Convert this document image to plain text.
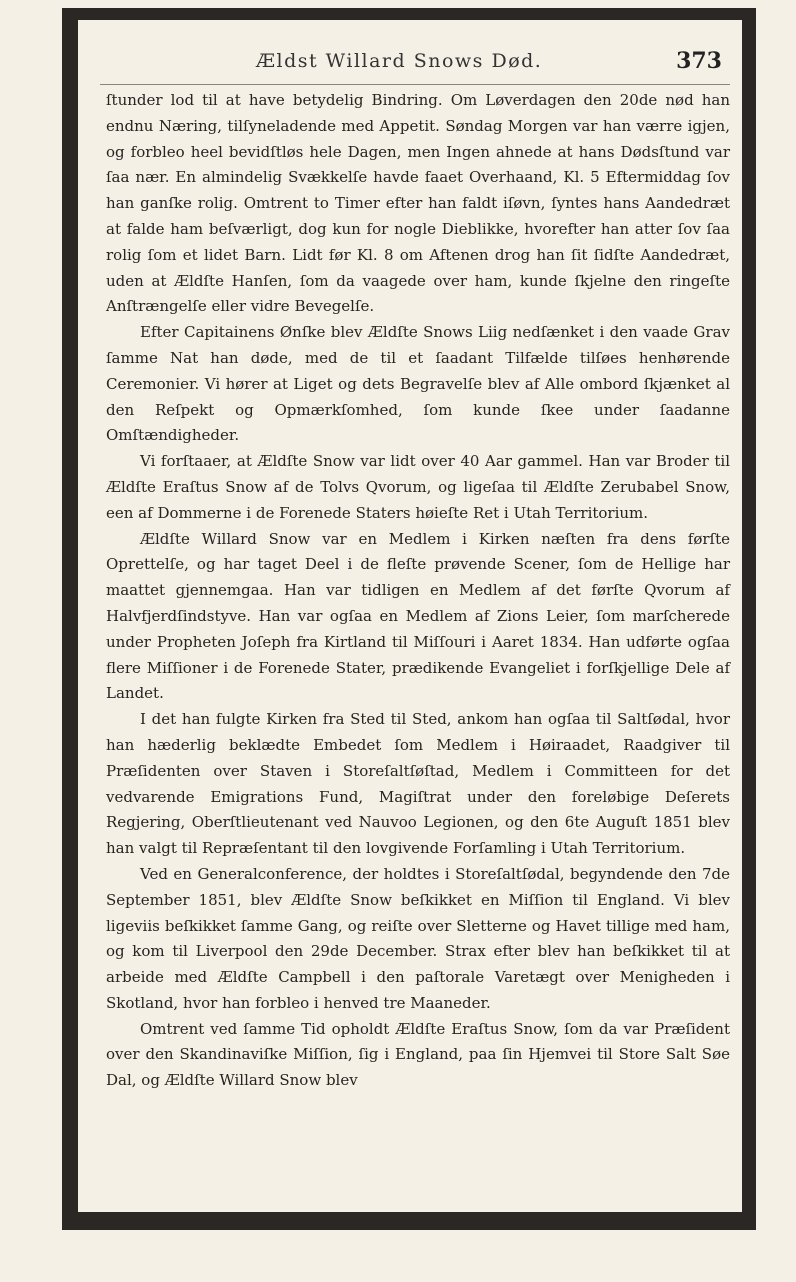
Ældst Willard Snows Død.	373

ſtunder lod til at have betydelig Bindring. Om Løverdagen den 20de nød han endnu Næring, tilſyneladende med Appetit. Søndag Morgen var han værre igjen, og forbleo heel bevidſtløs hele Dagen, men Ingen ahnede at hans Dødsſtund var ſaa nær. En almindelig Svækkelſe havde faaet Overhaand, Kl. 5 Eftermiddag ſov han ganſke rolig. Omtrent to Timer efter han faldt iſøvn, ſyntes hans Aandedræt at falde ham beſværligt, dog kun for nogle Dieblikke, hvorefter han atter ſov ſaa rolig ſom et lidet Barn. Lidt før Kl. 8 om Aftenen drog han ſit ſidſte Aandedræt, uden at Ældſte Hanſen, ſom da vaagede over ham, kunde ſkjelne den ringeſte Anſtrængelſe eller vidre Bevegelſe.

Efter Capitainens Ønſke blev Ældſte Snows Liig nedſænket i den vaade Grav ſamme Nat han døde, med de til et ſaadant Tilfælde tilſøes henhørende Ceremonier. Vi hører at Liget og dets Begravelſe blev af Alle ombord ſkjænket al den Reſpekt og Opmærkſomhed, ſom kunde ſkee under ſaadanne Omſtændigheder.

Vi forſtaaer, at Ældſte Snow var lidt over 40 Aar gammel. Han var Broder til Ældſte Eraſtus Snow af de Tolvs Qvorum, og ligeſaa til Ældſte Zerubabel Snow, een af Dommerne i de Forenede Staters høieſte Ret i Utah Territorium.

Ældſte Willard Snow var en Medlem i Kirken næſten fra dens førſte Oprettelſe, og har taget Deel i de fleſte prøvende Scener, ſom de Hellige har maattet gjennemgaa. Han var tidligen en Medlem af det førſte Qvorum af Halvfjerdſindstyve. Han var ogſaa en Medlem af Zions Leier, ſom marſcherede under Propheten Joſeph fra Kirtland til Miſſouri i Aaret 1834. Han udførte ogſaa flere Miſſioner i de Forenede Stater, prædikende Evangeliet i forſkjellige Dele af Landet.

I det han fulgte Kirken fra Sted til Sted, ankom han ogſaa til Saltſødal, hvor han hæderlig beklædte Embedet ſom Medlem i Høiraadet, Raadgiver til Præſidenten over Staven i Storeſaltſøſtad, Medlem i Committeen for det vedvarende Emigrations Fund, Magiſtrat under den foreløbige Deſerets Regjering, Oberſtlieutenant ved Nauvoo Legionen, og den 6te Auguſt 1851 blev han valgt til Repræſentant til den lovgivende Forſamling i Utah Territorium.

Ved en Generalconference, der holdtes i Storeſaltſødal, begyndende den 7de September 1851, blev Ældſte Snow beſkikket en Miſſion til England. Vi blev ligeviis beſkikket ſamme Gang, og reiſte over Sletterne og Havet tillige med ham, og kom til Liverpool den 29de December. Strax efter blev han beſkikket til at arbeide med Ældſte Campbell i den paſtorale Varetægt over Menigheden i Skotland, hvor han forbleo i henved tre Maaneder.

Omtrent ved ſamme Tid opholdt Ældſte Eraſtus Snow, ſom da var Præſident over den Skandinaviſke Miſſion, ſig i England, paa ſin Hjemvei til Store Salt Søe Dal, og Ældſte Willard Snow blev
